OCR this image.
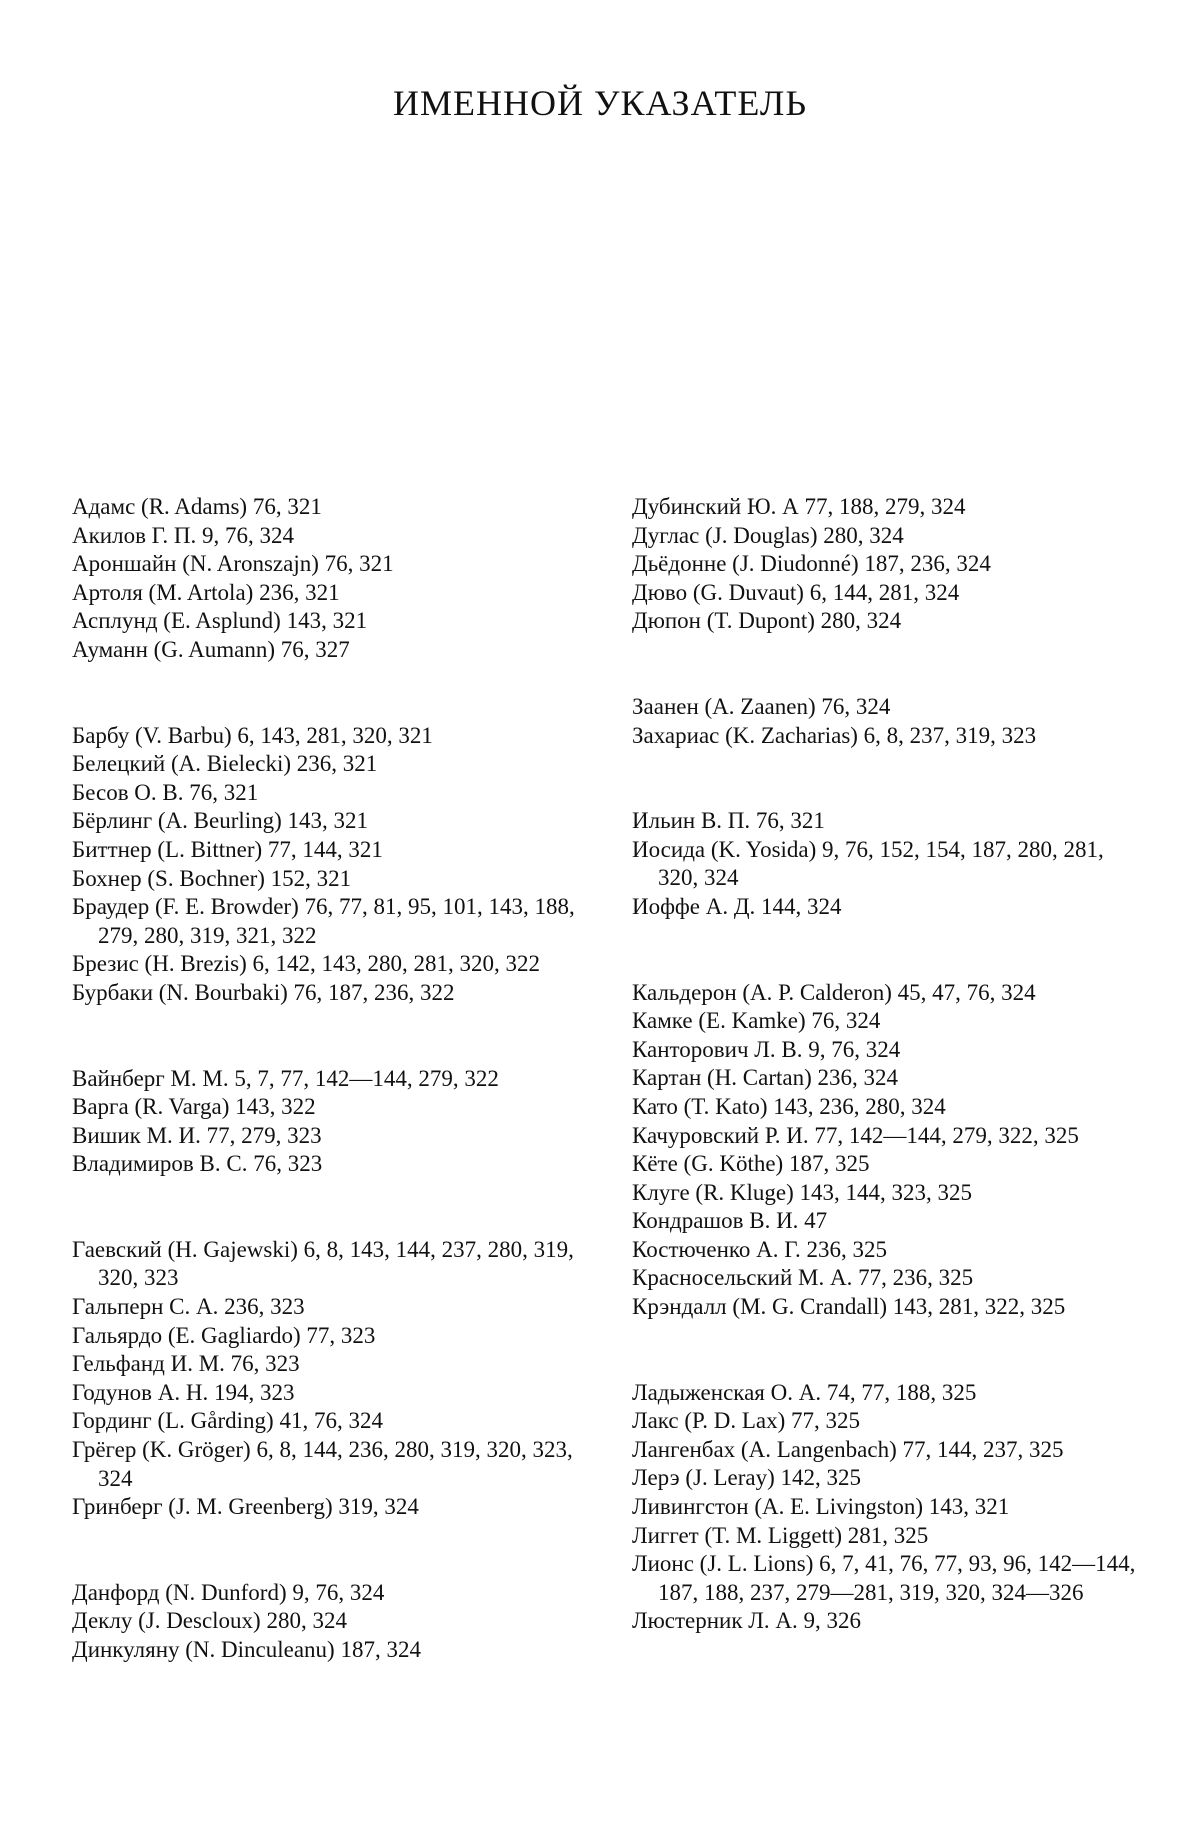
ИМЕННОЙ УКАЗАТЕЛЬ
Адамс (R. Adams) 76, 321
Акилов Г. П. 9, 76, 324
Ароншайн (N. Aronszajn) 76, 321
Артоля (M. Artola) 236, 321
Асплунд (E. Asplund) 143, 321
Ауманн (G. Aumann) 76, 327
Барбу (V. Barbu) 6, 143, 281, 320, 321
Белецкий (A. Bielecki) 236, 321
Бесов О. В. 76, 321
Бёрлинг (A. Beurling) 143, 321
Биттнер (L. Bittner) 77, 144, 321
Бохнер (S. Bochner) 152, 321
Браудер (F. E. Browder) 76, 77, 81, 95, 101, 143, 188, 279, 280, 319, 321, 322
Брезис (H. Brezis) 6, 142, 143, 280, 281, 320, 322
Бурбаки (N. Bourbaki) 76, 187, 236, 322
Вайнберг М. М. 5, 7, 77, 142—144, 279, 322
Варга (R. Varga) 143, 322
Вишик М. И. 77, 279, 323
Владимиров В. С. 76, 323
Гаевский (H. Gajewski) 6, 8, 143, 144, 237, 280, 319, 320, 323
Гальперн С. А. 236, 323
Гальярдо (E. Gagliardo) 77, 323
Гельфанд И. М. 76, 323
Годунов А. Н. 194, 323
Гординг (L. Gårding) 41, 76, 324
Грёгер (K. Gröger) 6, 8, 144, 236, 280, 319, 320, 323, 324
Гринберг (J. M. Greenberg) 319, 324
Данфорд (N. Dunford) 9, 76, 324
Деклу (J. Descloux) 280, 324
Динкуляну (N. Dinculeanu) 187, 324
Дубинский Ю. А 77, 188, 279, 324
Дуглас (J. Douglas) 280, 324
Дьёдонне (J. Diudonné) 187, 236, 324
Дюво (G. Duvaut) 6, 144, 281, 324
Дюпон (T. Dupont) 280, 324
Заанен (A. Zaanen) 76, 324
Захариас (K. Zacharias) 6, 8, 237, 319, 323
Ильин В. П. 76, 321
Иосида (K. Yosida) 9, 76, 152, 154, 187, 280, 281, 320, 324
Иоффе А. Д. 144, 324
Кальдерон (A. P. Calderon) 45, 47, 76, 324
Камке (E. Kamke) 76, 324
Канторович Л. В. 9, 76, 324
Картан (H. Cartan) 236, 324
Като (T. Kato) 143, 236, 280, 324
Качуровский Р. И. 77, 142—144, 279, 322, 325
Кёте (G. Köthe) 187, 325
Клуге (R. Kluge) 143, 144, 323, 325
Кондрашов В. И. 47
Костюченко А. Г. 236, 325
Красносельский М. А. 77, 236, 325
Крэндалл (M. G. Crandall) 143, 281, 322, 325
Ладыженская О. А. 74, 77, 188, 325
Лакс (P. D. Lax) 77, 325
Лангенбах (A. Langenbach) 77, 144, 237, 325
Лерэ (J. Leray) 142, 325
Ливингстон (A. E. Livingston) 143, 321
Лиггет (T. M. Liggett) 281, 325
Лионс (J. L. Lions) 6, 7, 41, 76, 77, 93, 96, 142—144, 187, 188, 237, 279—281, 319, 320, 324—326
Люстерник Л. А. 9, 326
